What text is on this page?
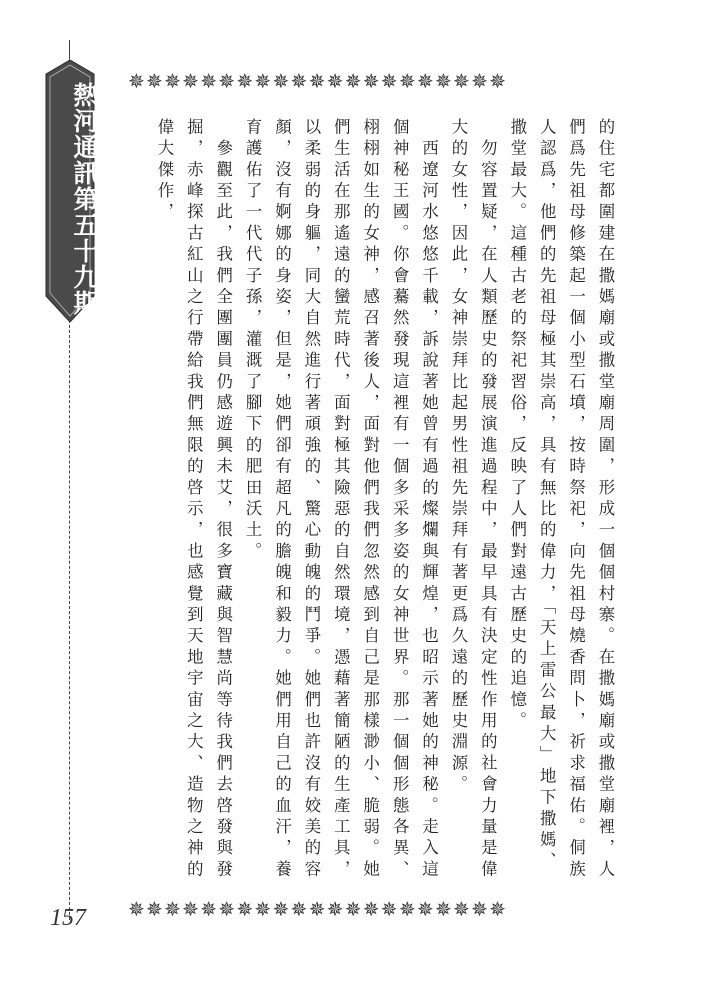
熱河通訊第五十九期
✵✵✵✵✵✵✵✵✵✵✵✵✵✵✵✵✵✵✵✵✵

的住宅都圍建在撒媽廟或撒堂廟周圍，形成一個個村寨。在撒媽廟或撒堂廟裡，人們爲先祖母修築起一個小型石墳，按時祭祀，向先祖母燒香問卜，祈求福佑。侗族人認爲，他們的先祖母極其崇高，具有無比的偉力，「天上雷公最大」地下撒媽、撒堂最大。這種古老的祭祀習俗，反映了人們對遠古歷史的追憶。

　勿容置疑，在人類歷史的發展演進過程中，最早具有決定性作用的社會力量是偉大的女性，因此，女神崇拜比起男性祖先崇拜有著更爲久遠的歷史淵源。

　西遼河水悠悠千載，訴說著她曾有過的燦爛與輝煌，也昭示著她的神秘。走入這個神秘王國。你會驀然發現這裡有一個多采多姿的女神世界。那一個個形態各異、栩栩如生的女神，感召著後人，面對他們我們忽然感到自己是那樣渺小、脆弱。她們生活在那遙遠的蠻荒時代，面對極其險惡的自然環境，憑藉著簡陋的生產工具，以柔弱的身軀，同大自然進行著頑強的、驚心動魄的鬥爭。她們也許沒有姣美的容顏，沒有婀娜的身姿，但是，她們卻有超凡的膽魄和毅力。她們用自己的血汗，養育護佑了一代代子孫，灌溉了腳下的肥田沃土。

　參觀至此，我們全團團員仍感遊興未艾，很多寶藏與智慧尚等待我們去啓發與發掘，赤峰探古紅山之行帶給我們無限的啓示，也感覺到天地宇宙之大、造物之神的偉大傑作，

✵✵✵✵✵✵✵✵✵✵✵✵✵✵✵✵✵✵✵✵✵
157
